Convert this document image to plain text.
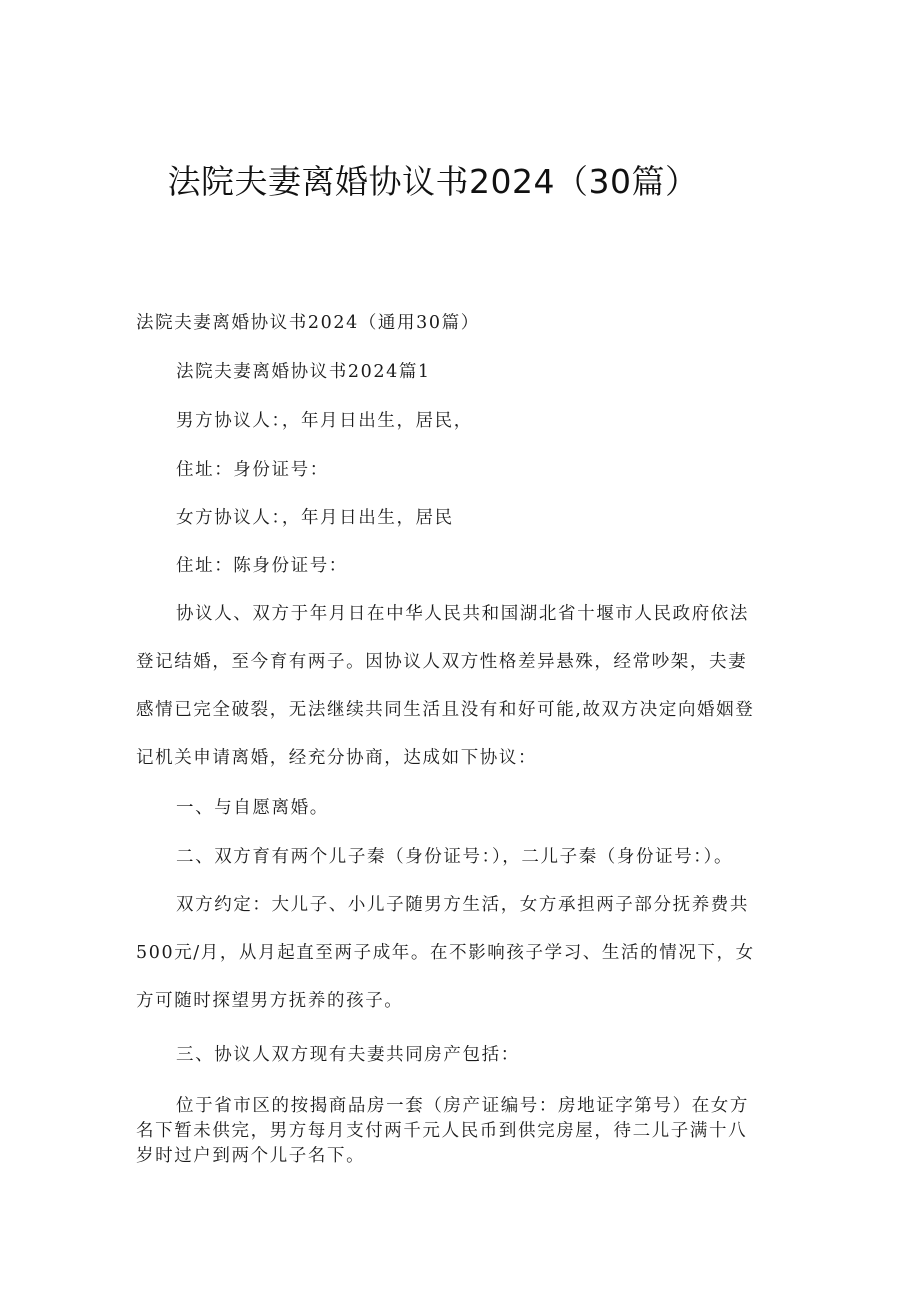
法院夫妻离婚协议书2024（30篇）
法院夫妻离婚协议书2024（通用30篇）
法院夫妻离婚协议书2024篇1
男方协议人：，年月日出生，居民，
住址：身份证号：
女方协议人：，年月日出生，居民
住址：陈身份证号：
协议人、双方于年月日在中华人民共和国湖北省十堰市人民政府依法
登记结婚，至今育有两子。因协议人双方性格差异悬殊，经常吵架，夫妻
感情已完全破裂，无法继续共同生活且没有和好可能,故双方决定向婚姻登
记机关申请离婚，经充分协商，达成如下协议：
一、与自愿离婚。
二、双方育有两个儿子秦（身份证号：），二儿子秦（身份证号：）。
双方约定：大儿子、小儿子随男方生活，女方承担两子部分抚养费共
500元/月，从月起直至两子成年。在不影响孩子学习、生活的情况下，女
方可随时探望男方抚养的孩子。
三、协议人双方现有夫妻共同房产包括：
位于省市区的按揭商品房一套（房产证编号：房地证字第号）在女方
名下暂未供完，男方每月支付两千元人民币到供完房屋，待二儿子满十八
岁时过户到两个儿子名下。
